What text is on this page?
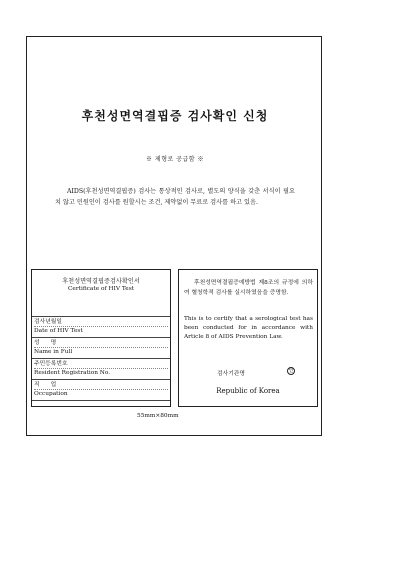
후천성면역결핍증 검사확인 신청
※ 제형로 공급함 ※
AIDS(후천성면역결핍증) 검사는 통상적인 검사로, 별도의 양식을 갖춘 서식이 필요치 않고 민원인이 검사를 원할시는 조건, 제약없이 무료로 검사를 하고 있음.
후천성면역결핍증검사확인서
Certificate of HIV Test
검사년월일
Date of HIV Test
성      명
Name in Full
주민등록번호
Resident Registration No.
직      업
Occupation
후천성면역결핍증예방법 제8조의 규정에 의하여 혈청학적 검사를 실시하였음을 증명함.
This is to certify that a serological test has been conducted for in accordance with Article 8 of AIDS Prevention Law.
검사기관명	인
Republic of Korea
55mm×80mm
